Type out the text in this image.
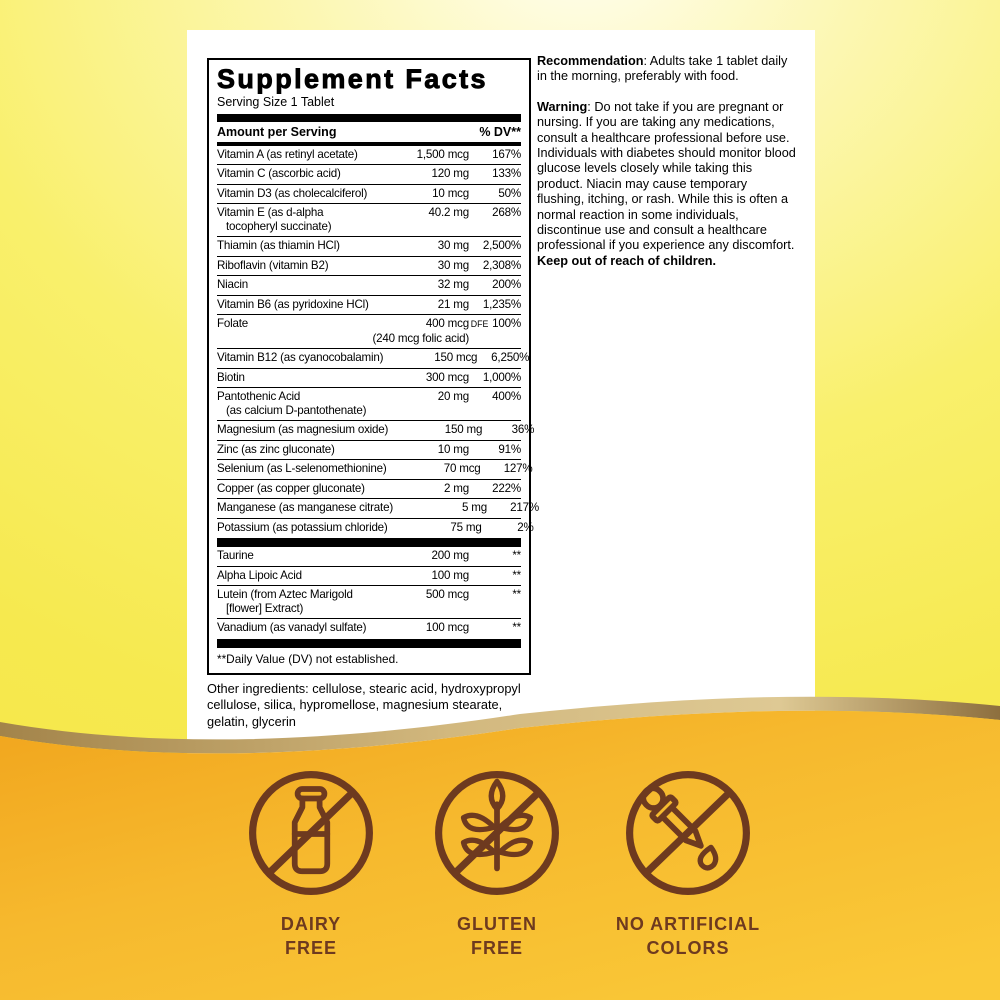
Supplement Facts
Serving Size 1 Tablet
Amount per Serving	% DV**
Vitamin A (as retinyl acetate)	1,500 mcg	167%
Vitamin C (ascorbic acid)	120 mg	133%
Vitamin D3 (as cholecalciferol)	10 mcg	50%
Vitamin E (as d-alpha	40.2 mg	268%
tocopheryl succinate)
Thiamin (as thiamin HCl)	30 mg	2,500%
Riboflavin (vitamin B2)	30 mg	2,308%
Niacin	32 mg	200%
Vitamin B6 (as pyridoxine HCl)	21 mg	1,235%
Folate	400 mcg DFE 100%
(240 mcg folic acid)
Vitamin B12 (as cyanocobalamin)	150 mcg	6,250%
Biotin	300 mcg	1,000%
Pantothenic Acid	20 mg	400%
(as calcium D-pantothenate)
Magnesium (as magnesium oxide)	150 mg	36%
Zinc (as zinc gluconate)	10 mg	91%
Selenium (as L-selenomethionine)	70 mcg	127%
Copper (as copper gluconate)	2 mg	222%
Manganese (as manganese citrate)	5 mg	217%
Potassium (as potassium chloride)	75 mg	2%
Taurine	200 mg	**
Alpha Lipoic Acid	100 mg	**
Lutein (from Aztec Marigold	500 mcg	**
[flower] Extract)
Vanadium (as vanadyl sulfate)	100 mcg	**
**Daily Value (DV) not established.
Other ingredients: cellulose, stearic acid, hydroxypropyl cellulose, silica, hypromellose, magnesium stearate, gelatin, glycerin

Recommendation: Adults take 1 tablet daily in the morning, preferably with food.

Warning: Do not take if you are pregnant or nursing. If you are taking any medications, consult a healthcare professional before use. Individuals with diabetes should monitor blood glucose levels closely while taking this product. Niacin may cause temporary flushing, itching, or rash. While this is often a normal reaction in some individuals, discontinue use and consult a healthcare professional if you experience any discomfort. Keep out of reach of children.

DAIRY
FREE
GLUTEN
FREE
NO ARTIFICIAL
COLORS
